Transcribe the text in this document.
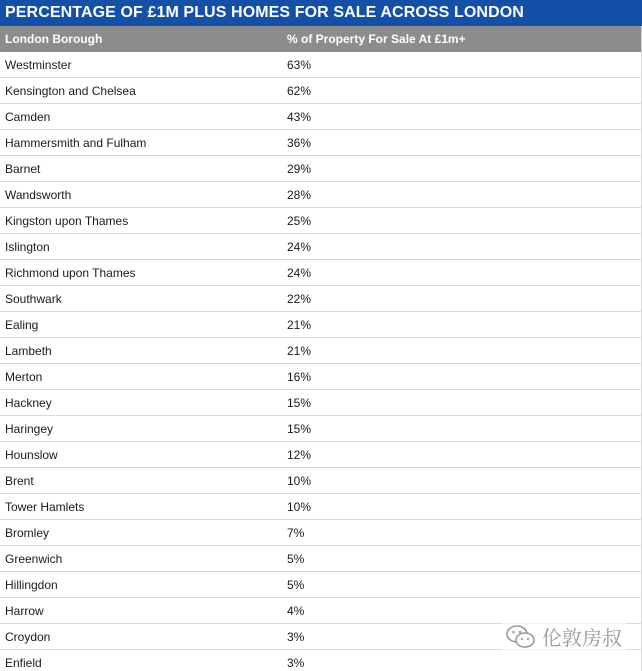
PERCENTAGE OF £1M PLUS HOMES FOR SALE ACROSS LONDON
London Borough	% of Property For Sale At £1m+
Westminster	63%
Kensington and Chelsea	62%
Camden	43%
Hammersmith and Fulham	36%
Barnet	29%
Wandsworth	28%
Kingston upon Thames	25%
Islington	24%
Richmond upon Thames	24%
Southwark	22%
Ealing	21%
Lambeth	21%
Merton	16%
Hackney	15%
Haringey	15%
Hounslow	12%
Brent	10%
Tower Hamlets	10%
Bromley	7%
Greenwich	5%
Hillingdon	5%
Harrow	4%
Croydon	3%
Enfield	3%
伦敦房叔
